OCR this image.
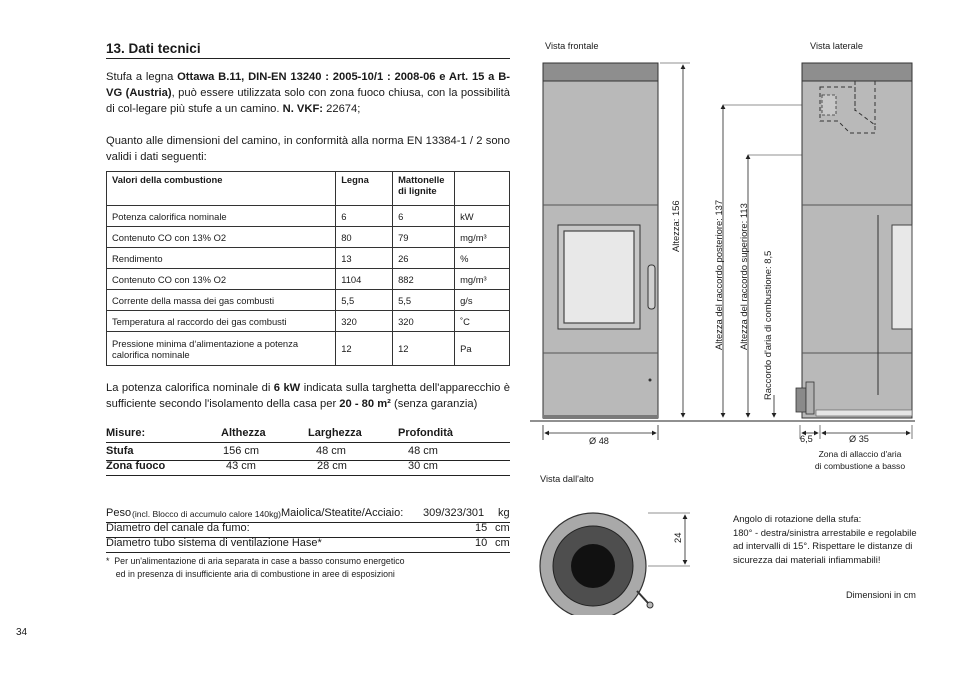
13. Dati tecnici
Stufa a legna Ottawa B.11, DIN-EN 13240 : 2005-10/1 : 2008-06 e Art. 15 a B-VG (Austria), può essere utilizzata solo con zona fuoco chiusa, con la possibilità di col-legare più stufe a un camino. N. VKF: 22674;
Quanto alle dimensioni del camino, in conformità alla norma EN 13384-1 / 2 sono validi i dati seguenti:
Valori della combustione	Legna	Mattonelle di lignite	
Potenza calorifica nominale	6	6	kW
Contenuto CO con 13% O2	80	79	mg/m³
Rendimento	13	26	%
Contenuto CO con 13% O2	1104	882	mg/m³
Corrente della massa dei gas combusti	5,5	5,5	g/s
Temperatura al raccordo dei gas combusti	320	320	˚C
Pressione minima d‘alimentazione a potenza calorifica nominale	12	12	Pa
La potenza calorifica nominale di 6 kW indicata sulla targhetta dell'apparecchio è sufficiente secondo l'isolamento della casa per 20 - 80 m² (senza garanzia)
Misure:	Althezza	Larghezza	Profondità
Stufa	156 cm	48 cm	48 cm
Zona fuoco	43 cm	28 cm	30 cm
Peso (incl. Blocco di accumulo calore 140kg) Maiolica/Steatite/Acciaio: 309/323/301 kg
Diametro del canale da fumo:	15 cm
Diametro tubo sistema di ventilazione Hase*	10 cm
*  Per un'alimentazione di aria separata in case a basso consumo energetico
ed in presenza di insufficiente aria di combustione in aree di esposizioni
34
Vista frontale	Vista laterale
Vista dall'alto
Altezza: 156	Altezza del raccordo posteriore: 137 Altezza del raccordo superiore: 113 Raccordo d'aria di combustione: 8,5
Ø 48	6,5	Ø 35
Zona di allaccio d'aria
di combustione a basso
24
Angolo di rotazione della stufa:
180° - destra/sinistra arrestabile e regolabile ad intervalli di 15°. Rispettare le distanze di sicurezza dai materiali infiammabili!
Dimensioni in cm
